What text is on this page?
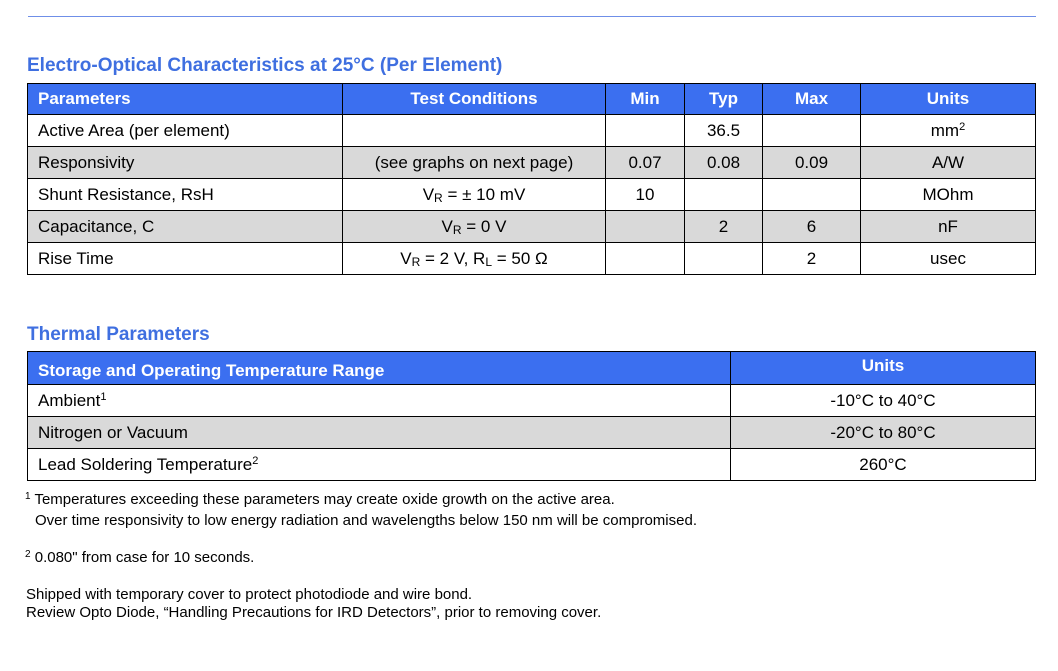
Electro-Optical Characteristics at 25°C (Per Element)
Parameters	Test Conditions	Min	Typ	Max	Units
Active Area (per element)			36.5		$mm^2$
Responsivity	(see graphs on next page)	0.07	0.08	0.09	A/W
Shunt Resistance, RsH	$V_R$ = ± 10 mV	10			MOhm
Capacitance, C	$V_R = 0$ V		2	6	nF
Rise Time	$V_R = 2$ V, $R_L = 50$ Ω			2	usec
Thermal Parameters
Storage and Operating Temperature Range	Units
Ambient$^1$	-10°C to 40°C
Nitrogen or Vacuum	-20°C to 80°C
Lead Soldering Temperature$^2$	260°C
$^1$ Temperatures exceeding these parameters may create oxide growth on the active area.
Over time responsivity to low energy radiation and wavelengths below 150 nm will be compromised.
$^2$ 0.080" from case for 10 seconds.
Shipped with temporary cover to protect photodiode and wire bond.
Review Opto Diode, “Handling Precautions for IRD Detectors”, prior to removing cover.
